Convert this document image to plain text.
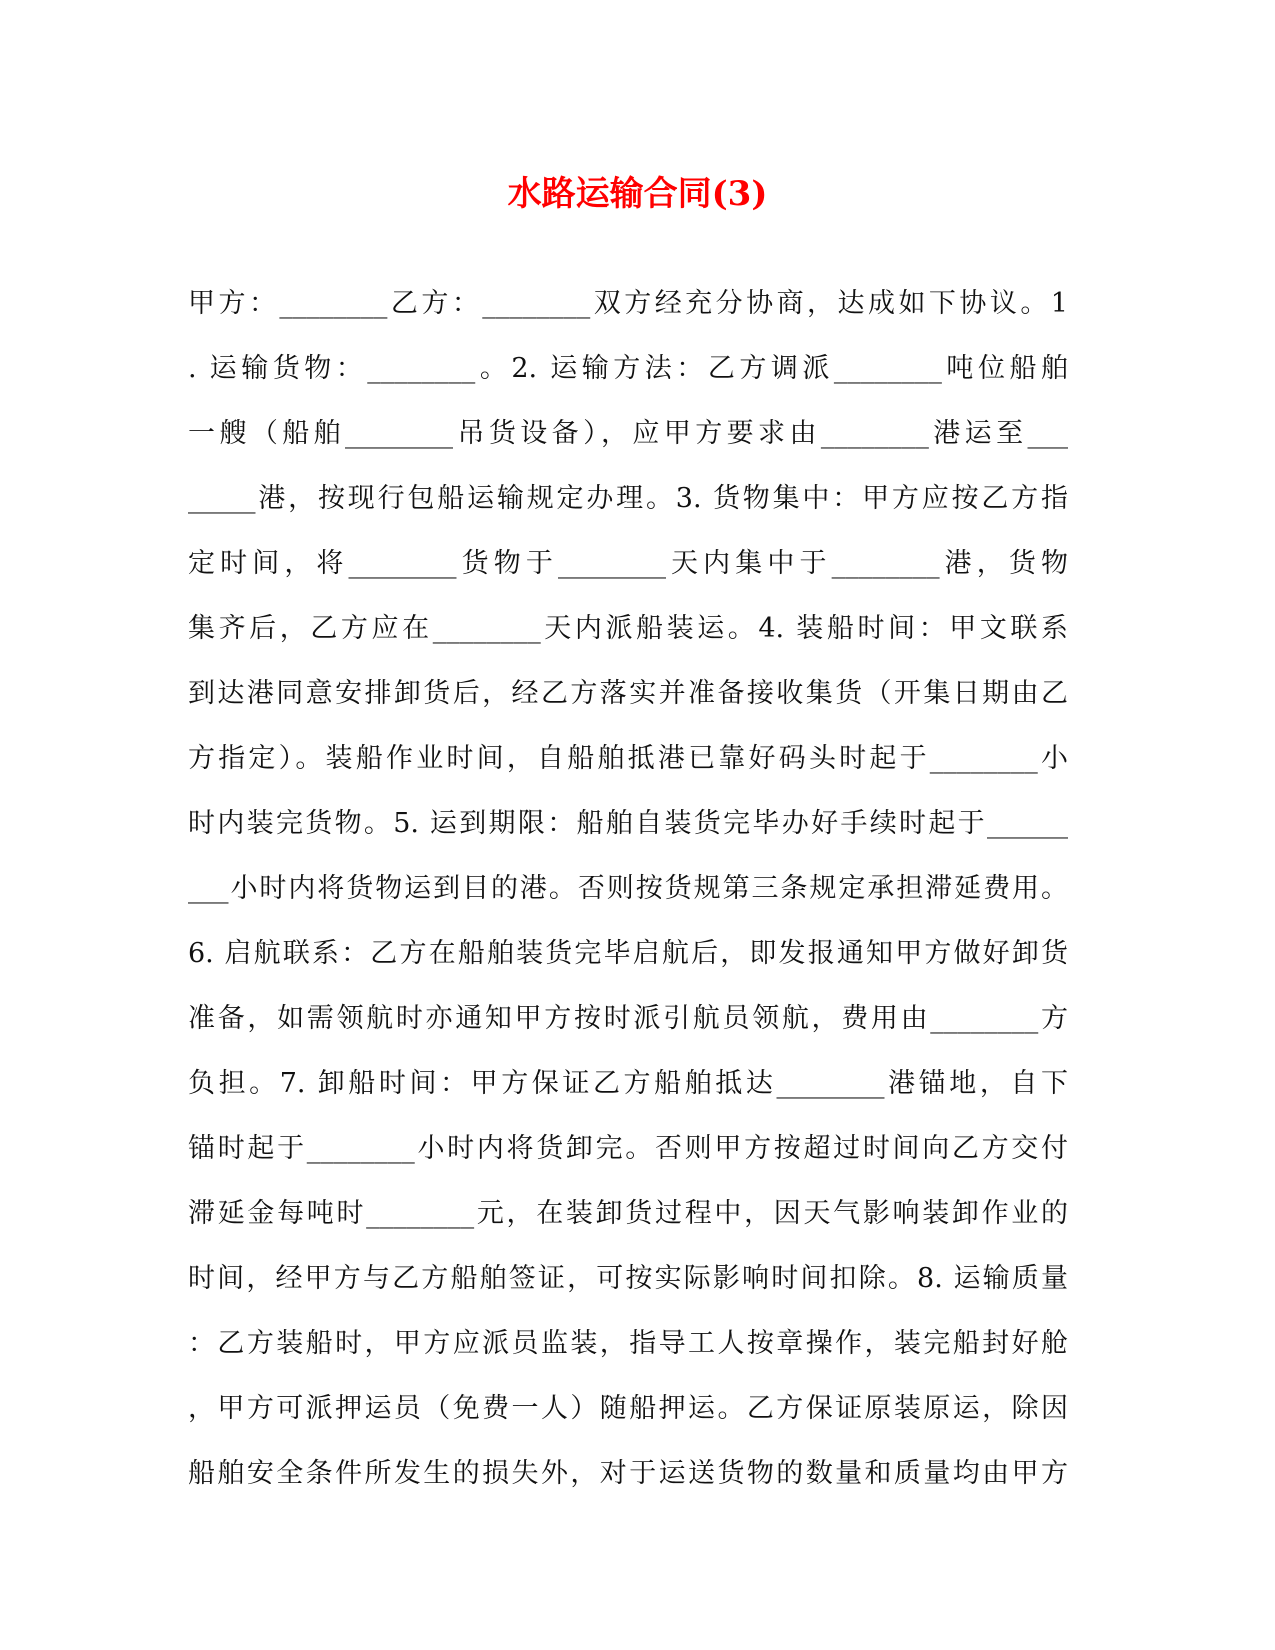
水路运输合同(3)
甲方：________乙方：________双方经充分协商，达成如下协议。1
. 运输货物：________。2. 运输方法：乙方调派________吨位船舶
一艘（船舶________吊货设备），应甲方要求由________港运至___
_____港，按现行包船运输规定办理。3. 货物集中：甲方应按乙方指
定时间，将________货物于________天内集中于________港，货物
集齐后，乙方应在________天内派船装运。4. 装船时间：甲文联系
到达港同意安排卸货后，经乙方落实并准备接收集货（开集日期由乙
方指定）。装船作业时间，自船舶抵港已靠好码头时起于________小
时内装完货物。5. 运到期限：船舶自装货完毕办好手续时起于______
___小时内将货物运到目的港。否则按货规第三条规定承担滞延费用。
6. 启航联系：乙方在船舶装货完毕启航后，即发报通知甲方做好卸货
准备，如需领航时亦通知甲方按时派引航员领航，费用由________方
负担。7. 卸船时间：甲方保证乙方船舶抵达________港锚地，自下
锚时起于________小时内将货卸完。否则甲方按超过时间向乙方交付
滞延金每吨时________元，在装卸货过程中，因天气影响装卸作业的
时间，经甲方与乙方船舶签证，可按实际影响时间扣除。8. 运输质量
：乙方装船时，甲方应派员监装，指导工人按章操作，装完船封好舱
，甲方可派押运员（免费一人）随船押运。乙方保证原装原运，除因
船舶安全条件所发生的损失外，对于运送货物的数量和质量均由甲方
